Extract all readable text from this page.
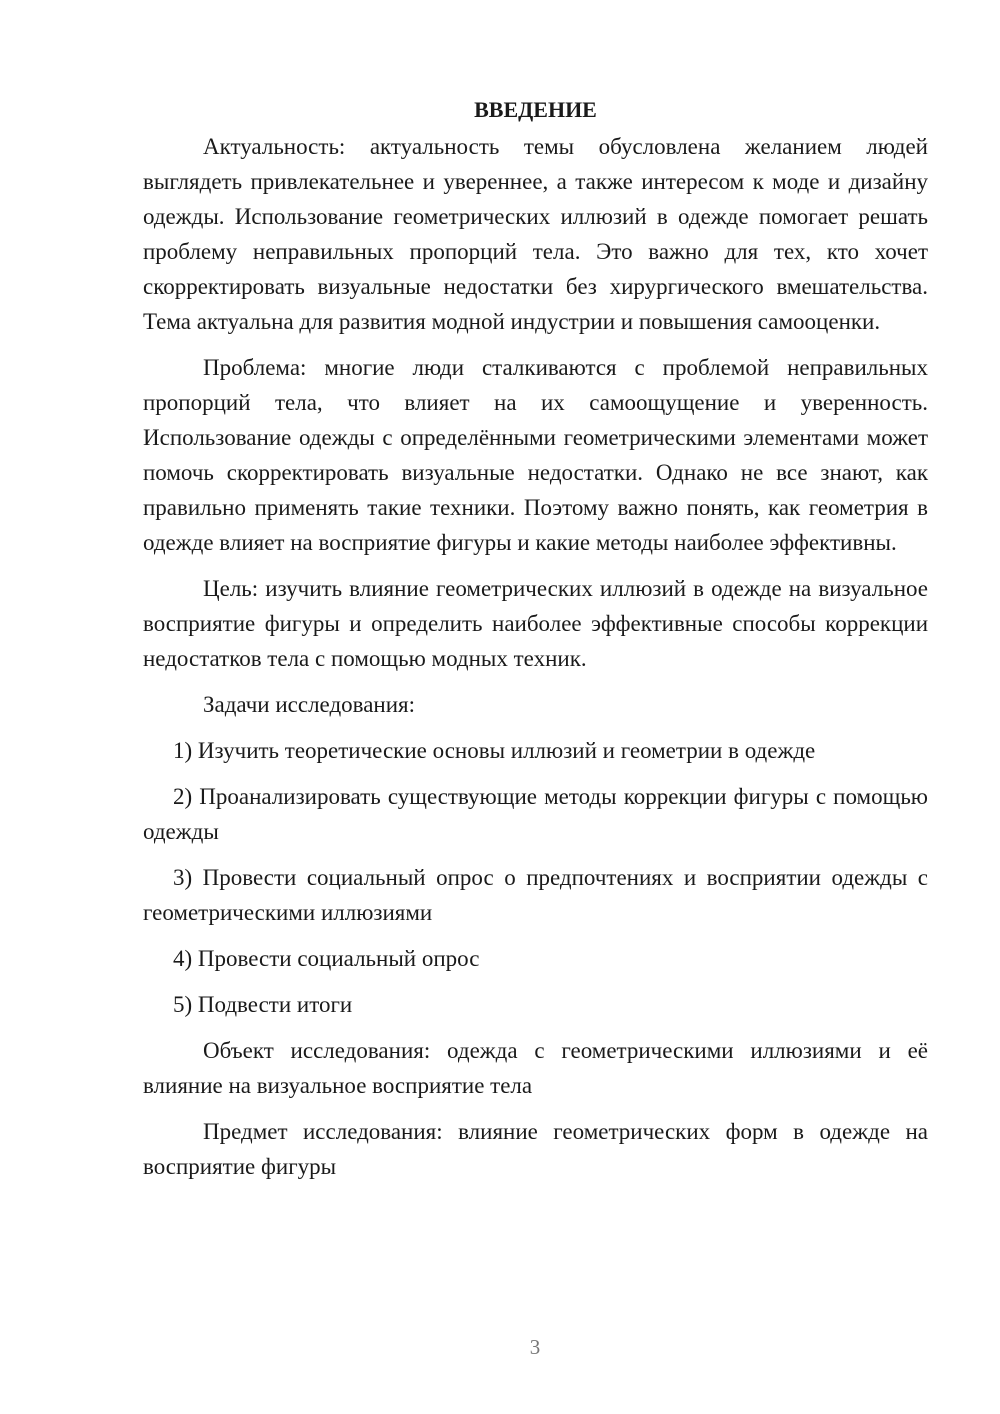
ВВЕДЕНИЕ

Актуальность: актуальность темы обусловлена желанием людей выглядеть привлекательнее и увереннее, а также интересом к моде и дизайну одежды. Использование геометрических иллюзий в одежде помогает решать проблему неправильных пропорций тела. Это важно для тех, кто хочет скорректировать визуальные недостатки без хирургического вмешательства. Тема актуальна для развития модной индустрии и повышения самооценки.

Проблема: многие люди сталкиваются с проблемой неправильных пропорций тела, что влияет на их самоощущение и уверенность. Использование одежды с определёнными геометрическими элементами может помочь скорректировать визуальные недостатки. Однако не все знают, как правильно применять такие техники. Поэтому важно понять, как геометрия в одежде влияет на восприятие фигуры и какие методы наиболее эффективны.

Цель: изучить влияние геометрических иллюзий в одежде на визуальное восприятие фигуры и определить наиболее эффективные способы коррекции недостатков тела с помощью модных техник.

Задачи исследования:

1) Изучить теоретические основы иллюзий и геометрии в одежде

2) Проанализировать существующие методы коррекции фигуры с помощью одежды

3) Провести социальный опрос о предпочтениях и восприятии одежды с геометрическими иллюзиями

4) Провести социальный опрос

5) Подвести итоги

Объект исследования: одежда с геометрическими иллюзиями и её влияние на визуальное восприятие тела

Предмет исследования: влияние геометрических форм в одежде на восприятие фигуры

3
